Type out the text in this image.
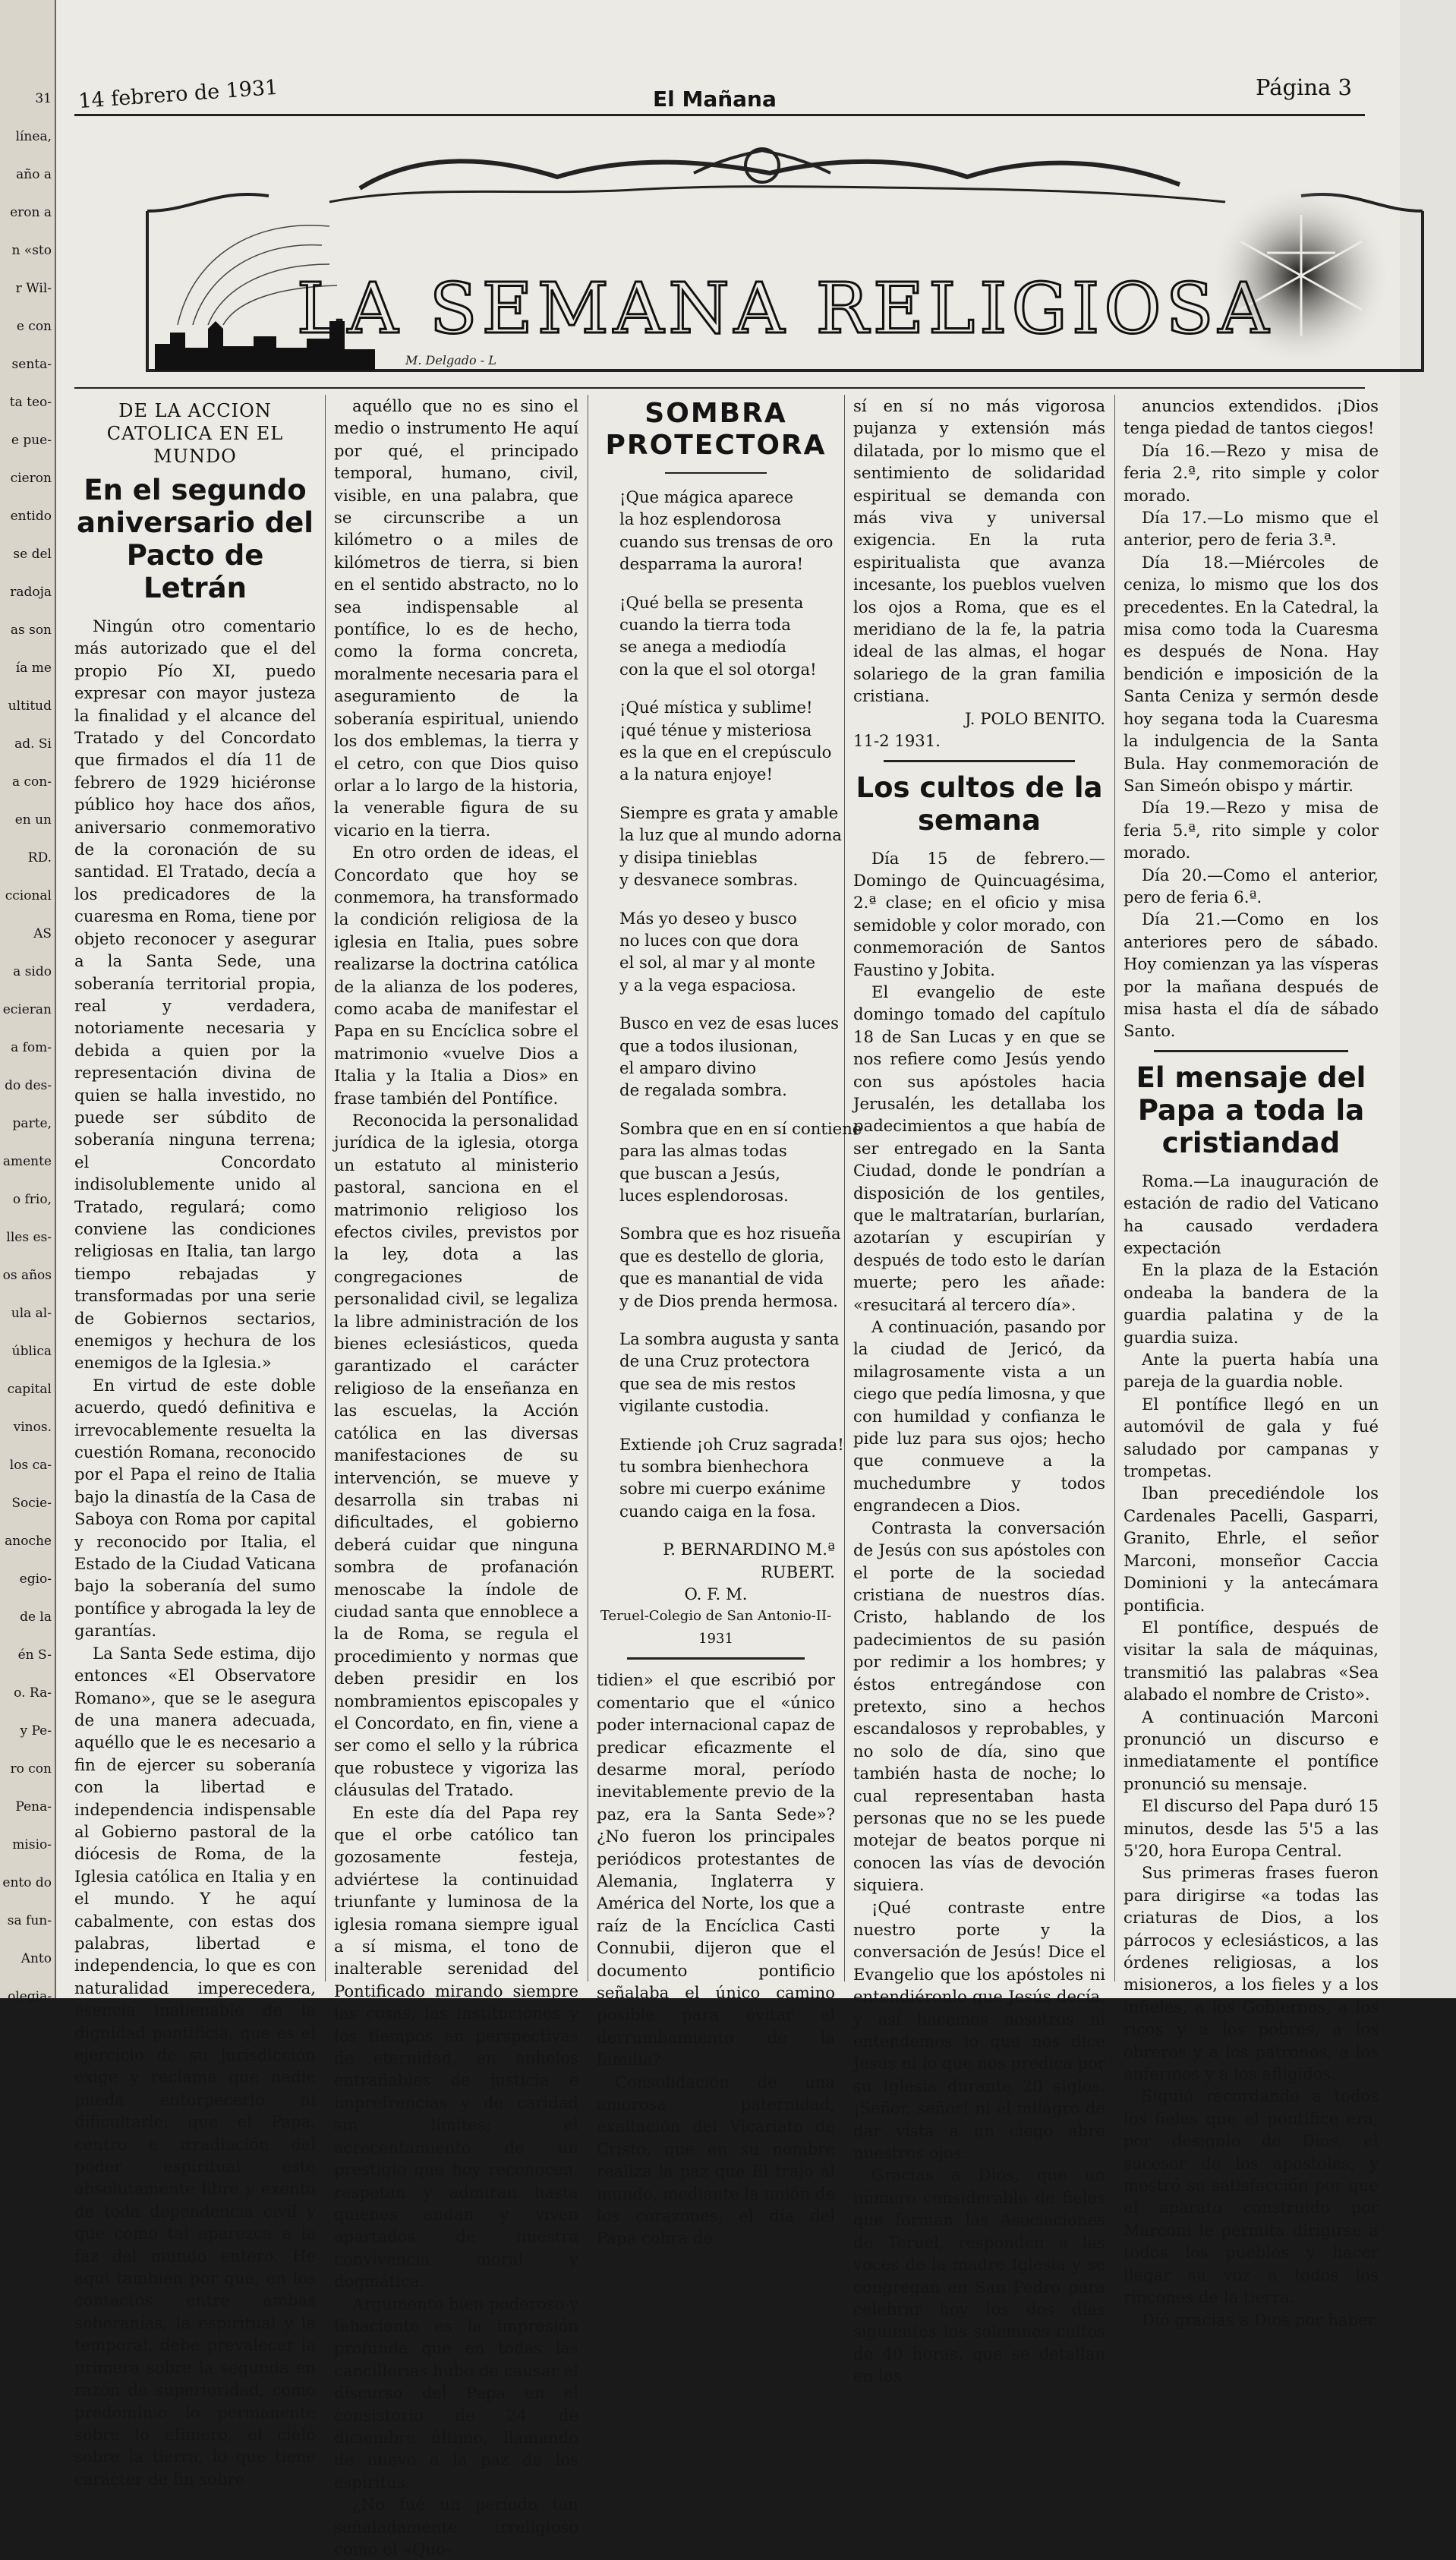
31
línea,
año a
eron a
n «sto
r Wil-
e con
senta-
ta teo-
e pue-
cieron
entido
se del
radoja
as son
ía me
ultitud
ad. Si
a con-
en un
RD.
ccional
AS
a sido
ecieran
a fom-
do des-
parte,
amente
o frio,
lles es-
os años
ula al-
ública
capital
vinos.
los ca-
Socie-
anoche
egio-
de la
én S-
o. Ra-
y Pe-
ro con
Pena-
misio-
ento do
sa fun-
Anto
olegia-
14 febrero de 1931	El Mañana	Página 3
LA SEMANA RELIGIOSA
M. Delgado - L
DE LA ACCION CATOLICA EN EL MUNDO
En el segundo aniversario del Pacto de Letrán

Ningún otro comentario más autorizado que el del propio Pío XI, puedo expresar con mayor justeza la finalidad y el alcance del Tratado y del Concordato que firmados el día 11 de febrero de 1929 hiciéronse público hoy hace dos años, aniversario conmemorativo de la coronación de su santidad. El Tratado, decía a los predicadores de la cuaresma en Roma, tiene por objeto reconocer y asegurar a la Santa Sede, una soberanía territorial propia, real y verdadera, notoriamente necesaria y debida a quien por la representación divina de quien se halla investido, no puede ser súbdito de soberanía ninguna terrena; el Concordato indisolublemente unido al Tratado, regulará; como conviene las condiciones religiosas en Italia, tan largo tiempo rebajadas y transformadas por una serie de Gobiernos sectarios, enemigos y hechura de los enemigos de la Iglesia.»

En virtud de este doble acuerdo, quedó definitiva e irrevocablemente resuelta la cuestión Romana, reconocido por el Papa el reino de Italia bajo la dinastía de la Casa de Saboya con Roma por capital y reconocido por Italia, el Estado de la Ciudad Vaticana bajo la soberanía del sumo pontífice y abrogada la ley de garantías.

La Santa Sede estima, dijo entonces «El Observatore Romano», que se le asegura de una manera adecuada, aquéllo que le es necesario a fin de ejercer su soberanía con la libertad e independencia indispensable al Gobierno pastoral de la diócesis de Roma, de la Iglesia católica en Italia y en el mundo. Y he aquí cabalmente, con estas dos palabras, libertad e independencia, lo que es con naturalidad imperecedera, esencia inalienable de la dignidad pontificia, que es el ejercicio de su jurisdicción exige y reclama que nadie pueda entorpecerlo ni dificultarle; que el Papa, centro e irradiación del poder espiritual esté absolutamente libre y exento de toda dependencia civil y que como tal aparezca a la faz del mundo entero. He aquí también por qué, en los contactos entre ambas soberanías, la espiritual y la temporal, debe prevalecer la primera sobre la segunda en razón de superioridad, como predominio lo permanente sobre lo efímero, el cielo sobre la tierra, lo que tiene carácter de fin sobre

aquéllo que no es sino el medio o instrumento He aquí por qué, el principado temporal, humano, civil, visible, en una palabra, que se circunscribe a un kilómetro o a miles de kilómetros de tierra, si bien en el sentido abstracto, no lo sea indispensable al pontífice, lo es de hecho, como la forma concreta, moralmente necesaria para el aseguramiento de la soberanía espiritual, uniendo los dos emblemas, la tierra y el cetro, con que Dios quiso orlar a lo largo de la historia, la venerable figura de su vicario en la tierra.

En otro orden de ideas, el Concordato que hoy se conmemora, ha transformado la condición religiosa de la iglesia en Italia, pues sobre realizarse la doctrina católica de la alianza de los poderes, como acaba de manifestar el Papa en su Encíclica sobre el matrimonio «vuelve Dios a Italia y la Italia a Dios» en frase también del Pontífice.

Reconocida la personalidad jurídica de la iglesia, otorga un estatuto al ministerio pastoral, sanciona en el matrimonio religioso los efectos civiles, previstos por la ley, dota a las congregaciones de personalidad civil, se legaliza la libre administración de los bienes eclesiásticos, queda garantizado el carácter religioso de la enseñanza en las escuelas, la Acción católica en las diversas manifestaciones de su intervención, se mueve y desarrolla sin trabas ni dificultades, el gobierno deberá cuidar que ninguna sombra de profanación menoscabe la índole de ciudad santa que ennoblece a la de Roma, se regula el procedimiento y normas que deben presidir en los nombramientos episcopales y el Concordato, en fin, viene a ser como el sello y la rúbrica que robustece y vigoriza las cláusulas del Tratado.

En este día del Papa rey que el orbe católico tan gozosamente festeja, adviértese la continuidad triunfante y luminosa de la iglesia romana siempre igual a sí misma, el tono de inalterable serenidad del Pontificado mirando siempre las cosas, las instituciones y los tiempos en perspectivas de eternidad, en anhelos entrañables de justicia e imprefrencias y de caridad sin límites; el acrecentamiento de un prestigio que hoy reconocen, respetan y admiran hasta quienes andan y viven apartados de nuestra convivencia moral y dogmática.

Argumento bien poderoso y fehaciente es la impresión profunda que en todas las cancillerías hubo de causar el discurso del Papa en el consistorio de 24 de diciembre último, llamando de nuevo a la paz de los espíritus.

¿No fué un período tan señaladamente irreligioso como el «Quo-

SOMBRA PROTECTORA
¡Que mágica aparece
la hoz esplendorosa
cuando sus trensas de oro
desparrama la aurora!
¡Qué bella se presenta
cuando la tierra toda
se anega a mediodía
con la que el sol otorga!
¡Qué mística y sublime!
¡qué ténue y misteriosa
es la que en el crepúsculo
a la natura enjoye!
Siempre es grata y amable
la luz que al mundo adorna
y disipa tinieblas
y desvanece sombras.
Más yo deseo y busco
no luces con que dora
el sol, al mar y al monte
y a la vega espaciosa.
Busco en vez de esas luces
que a todos ilusionan,
el amparo divino
de regalada sombra.
Sombra que en en sí contiene
para las almas todas
que buscan a Jesús,
luces esplendorosas.
Sombra que es hoz risueña
que es destello de gloria,
que es manantial de vida
y de Dios prenda hermosa.
La sombra augusta y santa
de una Cruz protectora
que sea de mis restos
vigilante custodia.
Extiende ¡oh Cruz sagrada!
tu sombra bienhechora
sobre mi cuerpo exánime
cuando caiga en la fosa.

P. BERNARDINO M.ª RUBERT.

O. F. M.

Teruel-Colegio de San Antonio-II-1931

tidien» el que escribió por comentario que el «único poder internacional capaz de predicar eficazmente el desarme moral, período inevitablemente previo de la paz, era la Santa Sede»? ¿No fueron los principales periódicos protestantes de Alemania, Inglaterra y América del Norte, los que a raíz de la Encíclica Casti Connubii, dijeron que el documento pontificio señalaba el único camino posible para evitar el derrumbamiento de la familia?

Consolidación de una amorosa paternidad, exaltación del Vicariato de Cristo, que en su nombre realiza la paz que El trajo al mundo, mediante la unión de los corazones, el día del Papa cobra de

sí en sí no más vigorosa pujanza y extensión más dilatada, por lo mismo que el sentimiento de solidaridad espiritual se demanda con más viva y universal exigencia. En la ruta espiritualista que avanza incesante, los pueblos vuelven los ojos a Roma, que es el meridiano de la fe, la patria ideal de las almas, el hogar solariego de la gran familia cristiana.

J. POLO BENITO.

11-2 1931.

Los cultos de la semana

Día 15 de febrero.—Domingo de Quincuagésima, 2.ª clase; en el oficio y misa semidoble y color morado, con conmemoración de Santos Faustino y Jobita.

El evangelio de este domingo tomado del capítulo 18 de San Lucas y en que se nos refiere como Jesús yendo con sus apóstoles hacia Jerusalén, les detallaba los padecimientos a que había de ser entregado en la Santa Ciudad, donde le pondrían a disposición de los gentiles, que le maltratarían, burlarían, azotarían y escupirían y después de todo esto le darían muerte; pero les añade: «resucitará al tercero día».

A continuación, pasando por la ciudad de Jericó, da milagrosamente vista a un ciego que pedía limosna, y que con humildad y confianza le pide luz para sus ojos; hecho que conmueve a la muchedumbre y todos engrandecen a Dios.

Contrasta la conversación de Jesús con sus apóstoles con el porte de la sociedad cristiana de nuestros días. Cristo, hablando de los padecimientos de su pasión por redimir a los hombres; y éstos entregándose con pretexto, sino a hechos escandalosos y reprobables, y no solo de día, sino que también hasta de noche; lo cual representaban hasta personas que no se les puede motejar de beatos porque ni conocen las vías de devoción siquiera.

¡Qué contraste entre nuestro porte y la conversación de Jesús! Dice el Evangelio que los apóstoles ni entendiéronlo que Jesús decía, y así hacemos nosotros ni entendemos lo que nos dice Jesús ni lo que nos predica por su Iglesia durante 20 siglos. ¡Señor, señor! ni el milagro de dar vista a un ciego abre nuestros ojos.

Gracias a Dios, que un número considerable de fieles que forman las Asociaciones de Teruel, responden a las voces de la madre Iglesia y se congregan en San Pedro para celebrar hoy los dos días siguientes los solemnes cultos de 40 horas, que se detallan en los

anuncios extendidos. ¡Dios tenga piedad de tantos ciegos!

Día 16.—Rezo y misa de feria 2.ª, rito simple y color morado.

Día 17.—Lo mismo que el anterior, pero de feria 3.ª.

Día 18.—Miércoles de ceniza, lo mismo que los dos precedentes. En la Catedral, la misa como toda la Cuaresma es después de Nona. Hay bendición e imposición de la Santa Ceniza y sermón desde hoy segana toda la Cuaresma la indulgencia de la Santa Bula. Hay conmemoración de San Simeón obispo y mártir.

Día 19.—Rezo y misa de feria 5.ª, rito simple y color morado.

Día 20.—Como el anterior, pero de feria 6.ª.

Día 21.—Como en los anteriores pero de sábado. Hoy comienzan ya las vísperas por la mañana después de misa hasta el día de sábado Santo.

El mensaje del Papa a toda la cristiandad

Roma.—La inauguración de estación de radio del Vaticano ha causado verdadera expectación

En la plaza de la Estación ondeaba la bandera de la guardia palatina y de la guardia suiza.

Ante la puerta había una pareja de la guardia noble.

El pontífice llegó en un automóvil de gala y fué saludado por campanas y trompetas.

Iban precediéndole los Cardenales Pacelli, Gasparri, Granito, Ehrle, el señor Marconi, monseñor Caccia Dominioni y la antecámara pontificia.

El pontífice, después de visitar la sala de máquinas, transmitió las palabras «Sea alabado el nombre de Cristo».

A continuación Marconi pronunció un discurso e inmediatamente el pontífice pronunció su mensaje.

El discurso del Papa duró 15 minutos, desde las 5'5 a las 5'20, hora Europa Central.

Sus primeras frases fueron para dirigirse «a todas las criaturas de Dios, a los párrocos y eclesiásticos, a las órdenes religiosas, a los misioneros, a los fieles y a los infieles, a los Gobiernos, a los ricos y a los pobres, a los obreros y a los patronos, a los enfermos y a los afligidos.

Siguió recordando a todos los fieles que el pontífice era, por designio de Dios, el sucesor de los apóstoles, y mostró su satisfacción por que el aparato construido por Marconi le permita dirigirse a todos los pueblos y hacer llegar su voz a todos los rincones de la tierra.

Dió gracias a Dios por haber
